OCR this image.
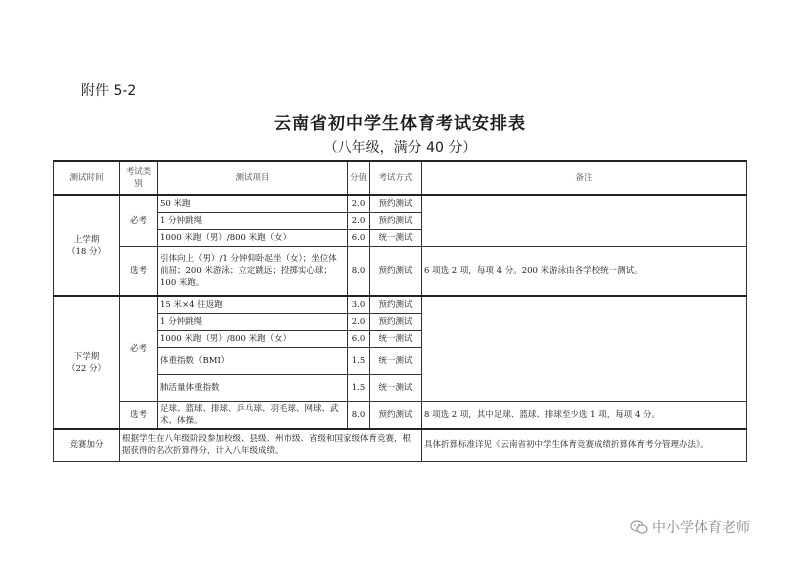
附件 5-2
云南省初中学生体育考试安排表
（八年级，满分 40 分）
测试时间	考试类别	测试项目	分值	考试方式	备注

上学期
（18 分）	必考	50 米跑	2.0	预约测试	
		1 分钟跳绳	2.0	预约测试	
		1000 米跑（男）/800 米跑（女）	6.0	统一测试	
	选考	引体向上（男）/1 分钟仰卧起坐（女）；坐位体前屈；200 米游泳；立定跳远；投掷实心球；100 米跑。	8.0	预约测试	6 项选 2 项，每项 4 分。200 米游泳由各学校统一测试。

下学期
（22 分）	必考	15 米×4 往返跑	3.0	预约测试	
		1 分钟跳绳	2.0	预约测试	
		1000 米跑（男）/800 米跑（女）	6.0	统一测试	
		体重指数（BMI）	1.5	统一测试	
		肺活量体重指数	1.5	统一测试	
	选考	足球、篮球、排球、乒乓球、羽毛球、网球、武术、体操。	8.0	预约测试	8 项选 2 项，其中足球、篮球、排球至少选 1 项，每项 4 分。
竞赛加分	根据学生在八年级阶段参加校级、县级、州市级、省级和国家级体育竞赛，根据获得的名次折算得分，计入八年级成绩。				具体折算标准详见《云南省初中学生体育竞赛成绩折算体育考分管理办法》。
中小学体育老师
